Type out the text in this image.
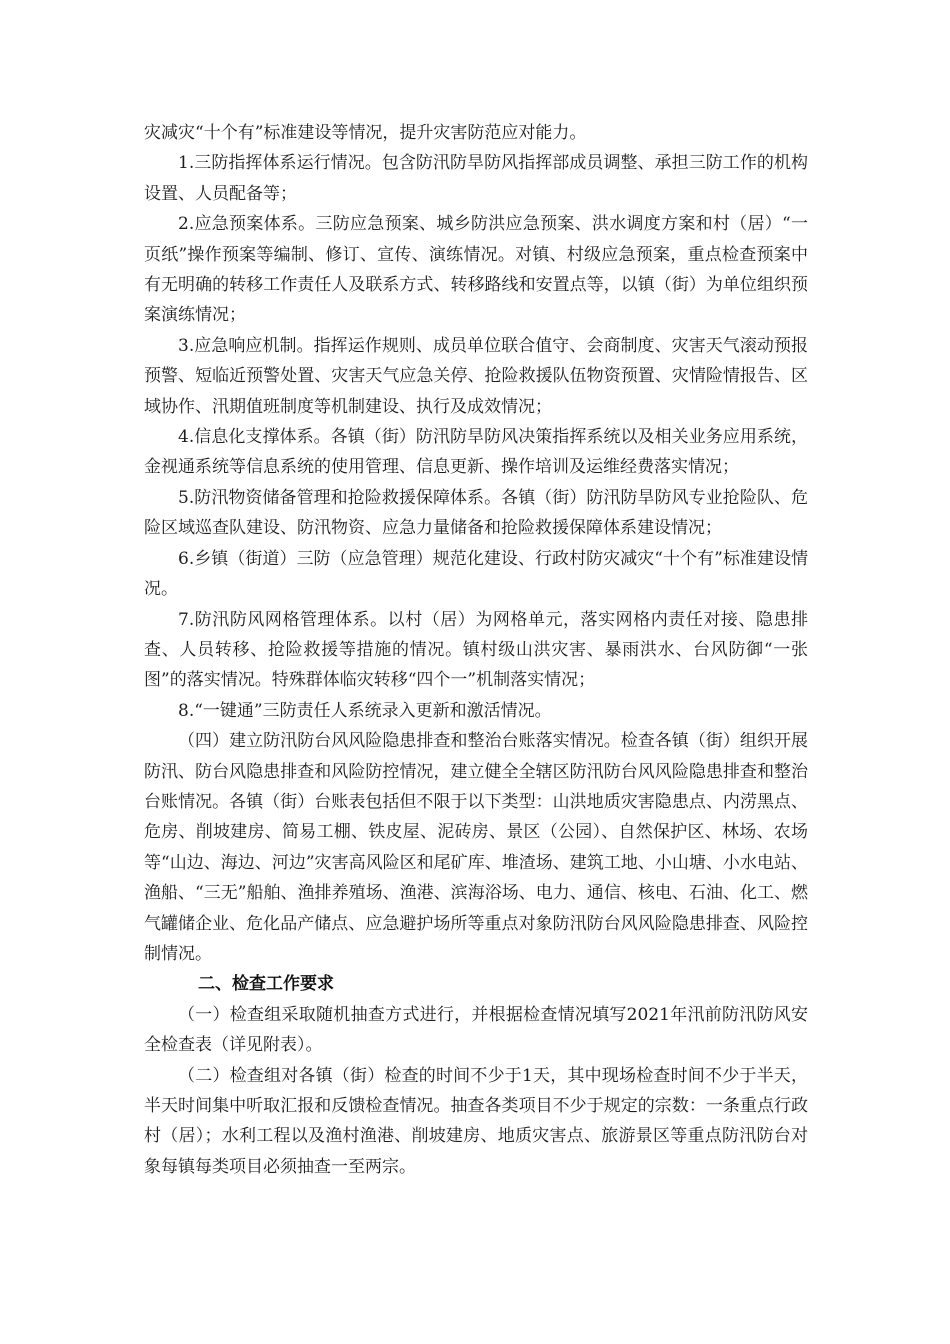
灾减灾“十个有”标准建设等情况，提升灾害防范应对能力。

1.三防指挥体系运行情况。包含防汛防旱防风指挥部成员调整、承担三防工作的机构设置、人员配备等；

2.应急预案体系。三防应急预案、城乡防洪应急预案、洪水调度方案和村（居）“一页纸”操作预案等编制、修订、宣传、演练情况。对镇、村级应急预案，重点检查预案中有无明确的转移工作责任人及联系方式、转移路线和安置点等，以镇（街）为单位组织预案演练情况；

3.应急响应机制。指挥运作规则、成员单位联合值守、会商制度、灾害天气滚动预报预警、短临近预警处置、灾害天气应急关停、抢险救援队伍物资预置、灾情险情报告、区域协作、汛期值班制度等机制建设、执行及成效情况；

4.信息化支撑体系。各镇（街）防汛防旱防风决策指挥系统以及相关业务应用系统，金视通系统等信息系统的使用管理、信息更新、操作培训及运维经费落实情况；

5.防汛物资储备管理和抢险救援保障体系。各镇（街）防汛防旱防风专业抢险队、危险区域巡查队建设、防汛物资、应急力量储备和抢险救援保障体系建设情况；

6.乡镇（街道）三防（应急管理）规范化建设、行政村防灾减灾“十个有”标准建设情况。

7.防汛防风网格管理体系。以村（居）为网格单元，落实网格内责任对接、隐患排查、人员转移、抢险救援等措施的情况。镇村级山洪灾害、暴雨洪水、台风防御“一张图”的落实情况。特殊群体临灾转移“四个一”机制落实情况；

8.“一键通”三防责任人系统录入更新和激活情况。

（四）建立防汛防台风风险隐患排查和整治台账落实情况。检查各镇（街）组织开展防汛、防台风隐患排查和风险防控情况，建立健全全辖区防汛防台风风险隐患排查和整治台账情况。各镇（街）台账表包括但不限于以下类型：山洪地质灾害隐患点、内涝黑点、危房、削坡建房、简易工棚、铁皮屋、泥砖房、景区（公园）、自然保护区、林场、农场等“山边、海边、河边”灾害高风险区和尾矿库、堆渣场、建筑工地、小山塘、小水电站、渔船、“三无”船舶、渔排养殖场、渔港、滨海浴场、电力、通信、核电、石油、化工、燃气罐储企业、危化品产储点、应急避护场所等重点对象防汛防台风风险隐患排查、风险控制情况。

二、检查工作要求

（一）检查组采取随机抽查方式进行，并根据检查情况填写2021年汛前防汛防风安全检查表（详见附表）。

（二）检查组对各镇（街）检查的时间不少于1天，其中现场检查时间不少于半天，半天时间集中听取汇报和反馈检查情况。抽查各类项目不少于规定的宗数：一条重点行政村（居）；水利工程以及渔村渔港、削坡建房、地质灾害点、旅游景区等重点防汛防台对象每镇每类项目必须抽查一至两宗。
